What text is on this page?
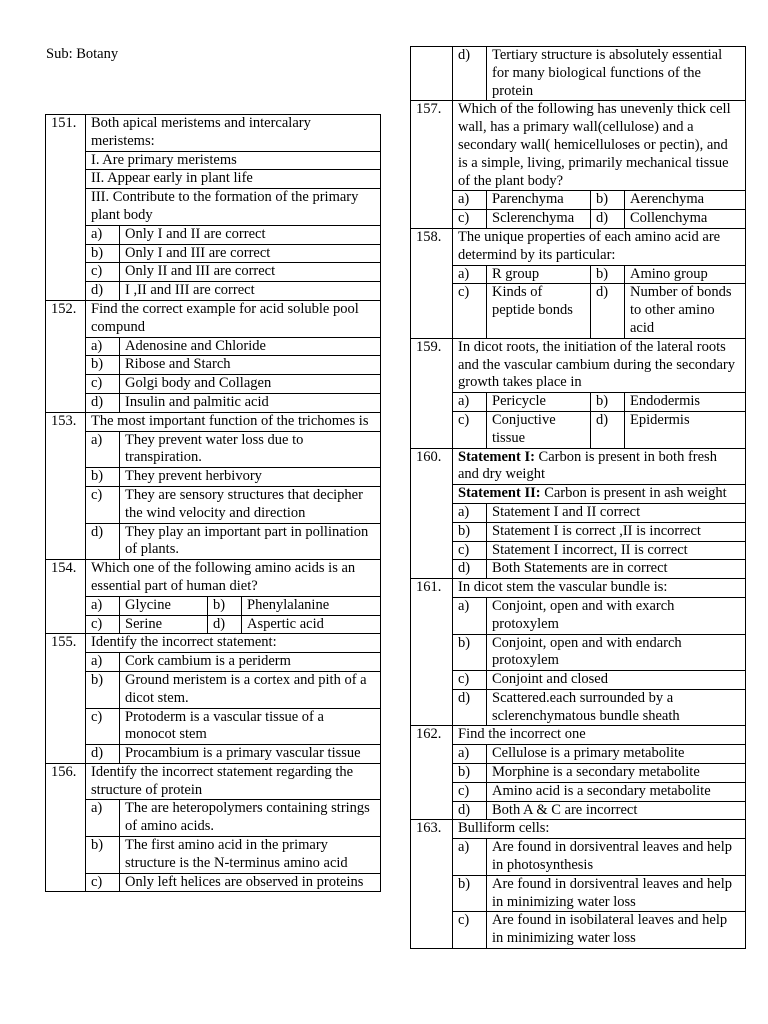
Sub: Botany
151.	Both apical meristems and intercalary meristems:			
	I. Are primary meristems			
	II. Appear early in plant life			
	III. Contribute to the formation of the primary plant body			
	a)	Only I and II are correct		
	b)	Only I and III are correct		
	c)	Only II and III are correct		
	d)	I ,II and III are correct		
152.	Find the correct example for acid soluble pool compund			
	a)	Adenosine and Chloride		
	b)	Ribose and Starch		
	c)	Golgi body and Collagen		
	d)	Insulin and palmitic acid		
153.	The most important function of the trichomes is			
	a)	They prevent water loss due to transpiration.		
	b)	They prevent herbivory		
	c)	They are sensory structures that decipher the wind velocity and direction		
	d)	They play an important part in pollination of plants.		
154.	Which one of the following amino acids is an essential part of human diet?			
	a)	Glycine	b)	Phenylalanine
	c)	Serine	d)	Aspertic acid
155.	Identify the incorrect statement:			
	a)	Cork cambium is a periderm		
	b)	Ground meristem is a cortex and pith of a dicot stem.		
	c)	Protoderm is a vascular tissue of a monocot stem		
	d)	Procambium is a primary vascular tissue		
156.	Identify the incorrect statement regarding the structure of protein			
	a)	The are heteropolymers containing strings of amino acids.		
	b)	The first amino acid in the primary structure is the N-terminus amino acid		
	c)	Only left helices are observed in proteins		
	d)	Tertiary structure is absolutely essential for many biological functions of the protein		
157.	Which of the following has unevenly thick cell wall, has a primary wall(cellulose) and a secondary wall( hemicelluloses or pectin), and is a simple, living, primarily mechanical tissue of the plant body?			
	a)	Parenchyma	b)	Aerenchyma
	c)	Sclerenchyma	d)	Collenchyma
158.	The unique properties of each amino acid are determind by its particular:			
	a)	R group	b)	Amino group
	c)	Kinds of peptide bonds	d)	Number of bonds to other amino acid
159.	In dicot roots, the initiation of the lateral roots and the vascular cambium during the secondary growth takes place in			
	a)	Pericycle	b)	Endodermis
	c)	Conjuctive tissue	d)	Epidermis
160.	Statement I: Carbon is present in both fresh and dry weight			
	Statement II: Carbon is present in ash weight			
	a)	Statement I and II correct		
	b)	Statement I is correct ,II is incorrect		
	c)	Statement I incorrect, II is correct		
	d)	Both Statements are in correct		
161.	In dicot stem the vascular bundle is:			
	a)	Conjoint, open and with exarch protoxylem		
	b)	Conjoint, open and with endarch protoxylem		
	c)	Conjoint and closed		
	d)	Scattered.each surrounded by a sclerenchymatous bundle sheath		
162.	Find the incorrect one			
	a)	Cellulose is a primary metabolite		
	b)	Morphine is a secondary metabolite		
	c)	Amino acid is a secondary metabolite		
	d)	Both A & C are incorrect		
163.	Bulliform cells:			
	a)	Are found in dorsiventral leaves and help in photosynthesis		
	b)	Are found in dorsiventral leaves and help in minimizing water loss		
	c)	Are found in isobilateral leaves and help in minimizing water loss		
